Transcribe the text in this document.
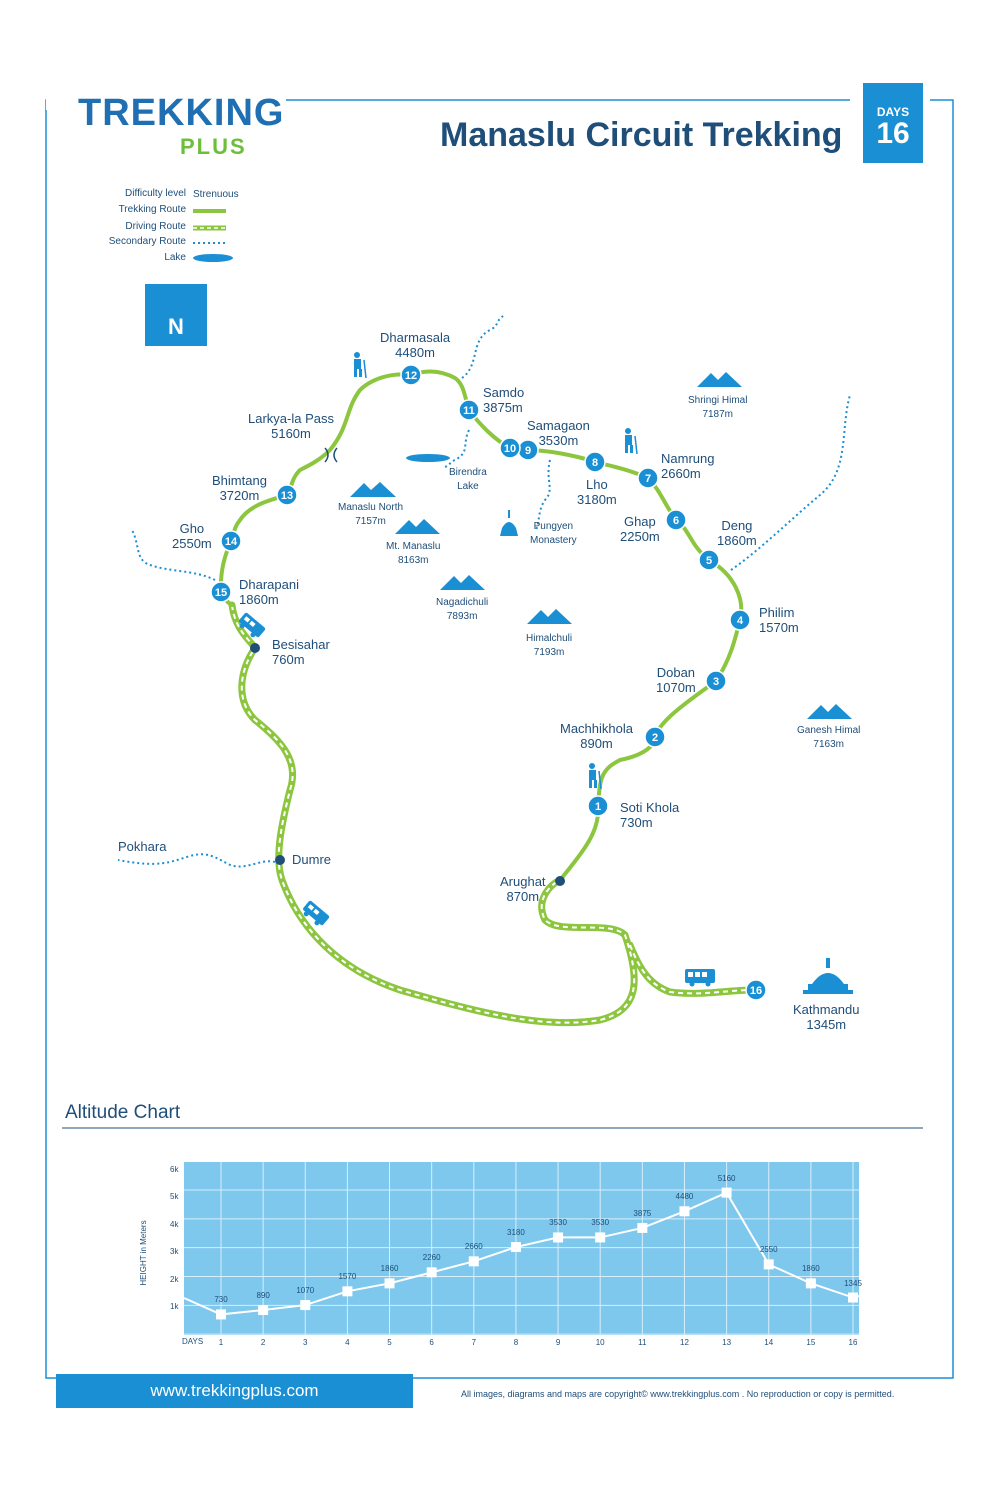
1
2
3
4
5
6
7
8
9
10
11
12
13
14
15
16
HEIGHT in Meters
TREKKING
PLUS	Manaslu Circuit Trekking
DAYS
16
Difficulty level Strenuous
Trekking Route
Driving Route
Secondary Route
Lake
N
Soti Khola
730m
Machhikhola
890m
Doban
1070m
Philim
1570m
Deng
1860m
Ghap
2250m
Namrung
2660m
Lho
3180m
Samagaon
3530m
Samdo
3875m
Dharmasala
4480m
Bhimtang
3720m
Gho
2550m
Dharapani
1860m
Kathmandu
1345m
Larkya-la Pass
5160m
Besisahar
760m
Dumre
Pokhara
Arughat
870m
Birendra
Lake
Pungyen
Monastery
Shringi Himal
7187m
Manaslu North
7157m
Mt. Manaslu
8163m
Nagadichuli
7893m
Himalchuli
7193m
Ganesh Himal
7163m
Altitude Chart
DAYS
730
1
890
2
1070
3
1570
4
1860
5
2260
6
2660
7
3180
8
3530
9
3530
10
3875
11
4480
12
5160
13
2550
14
1860
15
1345
16
1k
2k
3k
4k
5k
6k
www.trekkingplus.com	All images, diagrams and maps are copyright© www.trekkingplus.com . No reproduction or copy is permitted.
